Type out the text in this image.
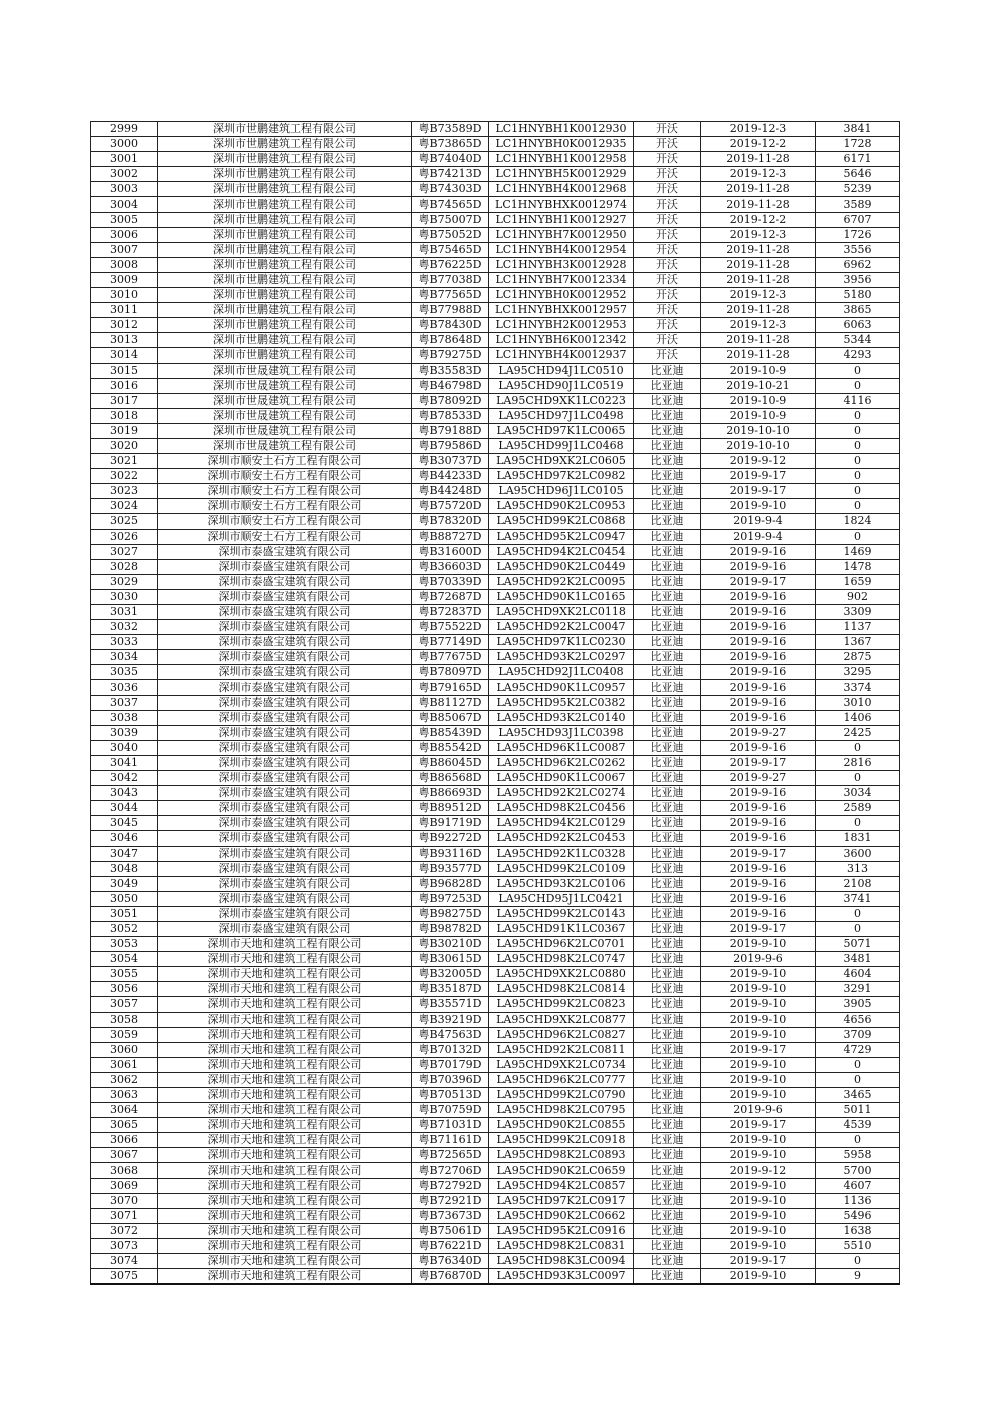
2999	深圳市世鹏建筑工程有限公司	粤B73589D	LC1HNYBH1K0012930	开沃	2019-12-3	3841
3000	深圳市世鹏建筑工程有限公司	粤B73865D	LC1HNYBH0K0012935	开沃	2019-12-2	1728
3001	深圳市世鹏建筑工程有限公司	粤B74040D	LC1HNYBH1K0012958	开沃	2019-11-28	6171
3002	深圳市世鹏建筑工程有限公司	粤B74213D	LC1HNYBH5K0012929	开沃	2019-12-3	5646
3003	深圳市世鹏建筑工程有限公司	粤B74303D	LC1HNYBH4K0012968	开沃	2019-11-28	5239
3004	深圳市世鹏建筑工程有限公司	粤B74565D	LC1HNYBHXK0012974	开沃	2019-11-28	3589
3005	深圳市世鹏建筑工程有限公司	粤B75007D	LC1HNYBH1K0012927	开沃	2019-12-2	6707
3006	深圳市世鹏建筑工程有限公司	粤B75052D	LC1HNYBH7K0012950	开沃	2019-12-3	1726
3007	深圳市世鹏建筑工程有限公司	粤B75465D	LC1HNYBH4K0012954	开沃	2019-11-28	3556
3008	深圳市世鹏建筑工程有限公司	粤B76225D	LC1HNYBH3K0012928	开沃	2019-11-28	6962
3009	深圳市世鹏建筑工程有限公司	粤B77038D	LC1HNYBH7K0012334	开沃	2019-11-28	3956
3010	深圳市世鹏建筑工程有限公司	粤B77565D	LC1HNYBH0K0012952	开沃	2019-12-3	5180
3011	深圳市世鹏建筑工程有限公司	粤B77988D	LC1HNYBHXK0012957	开沃	2019-11-28	3865
3012	深圳市世鹏建筑工程有限公司	粤B78430D	LC1HNYBH2K0012953	开沃	2019-12-3	6063
3013	深圳市世鹏建筑工程有限公司	粤B78648D	LC1HNYBH6K0012342	开沃	2019-11-28	5344
3014	深圳市世鹏建筑工程有限公司	粤B79275D	LC1HNYBH4K0012937	开沃	2019-11-28	4293
3015	深圳市世晟建筑工程有限公司	粤B35583D	LA95CHD94J1LC0510	比亚迪	2019-10-9	0
3016	深圳市世晟建筑工程有限公司	粤B46798D	LA95CHD90J1LC0519	比亚迪	2019-10-21	0
3017	深圳市世晟建筑工程有限公司	粤B78092D	LA95CHD9XK1LC0223	比亚迪	2019-10-9	4116
3018	深圳市世晟建筑工程有限公司	粤B78533D	LA95CHD97J1LC0498	比亚迪	2019-10-9	0
3019	深圳市世晟建筑工程有限公司	粤B79188D	LA95CHD97K1LC0065	比亚迪	2019-10-10	0
3020	深圳市世晟建筑工程有限公司	粤B79586D	LA95CHD99J1LC0468	比亚迪	2019-10-10	0
3021	深圳市顺安土石方工程有限公司	粤B30737D	LA95CHD9XK2LC0605	比亚迪	2019-9-12	0
3022	深圳市顺安土石方工程有限公司	粤B44233D	LA95CHD97K2LC0982	比亚迪	2019-9-17	0
3023	深圳市顺安土石方工程有限公司	粤B44248D	LA95CHD96J1LC0105	比亚迪	2019-9-17	0
3024	深圳市顺安土石方工程有限公司	粤B75720D	LA95CHD90K2LC0953	比亚迪	2019-9-10	0
3025	深圳市顺安土石方工程有限公司	粤B78320D	LA95CHD99K2LC0868	比亚迪	2019-9-4	1824
3026	深圳市顺安土石方工程有限公司	粤B88727D	LA95CHD95K2LC0947	比亚迪	2019-9-4	0
3027	深圳市泰盛宝建筑有限公司	粤B31600D	LA95CHD94K2LC0454	比亚迪	2019-9-16	1469
3028	深圳市泰盛宝建筑有限公司	粤B36603D	LA95CHD90K2LC0449	比亚迪	2019-9-16	1478
3029	深圳市泰盛宝建筑有限公司	粤B70339D	LA95CHD92K2LC0095	比亚迪	2019-9-17	1659
3030	深圳市泰盛宝建筑有限公司	粤B72687D	LA95CHD90K1LC0165	比亚迪	2019-9-16	902
3031	深圳市泰盛宝建筑有限公司	粤B72837D	LA95CHD9XK2LC0118	比亚迪	2019-9-16	3309
3032	深圳市泰盛宝建筑有限公司	粤B75522D	LA95CHD92K2LC0047	比亚迪	2019-9-16	1137
3033	深圳市泰盛宝建筑有限公司	粤B77149D	LA95CHD97K1LC0230	比亚迪	2019-9-16	1367
3034	深圳市泰盛宝建筑有限公司	粤B77675D	LA95CHD93K2LC0297	比亚迪	2019-9-16	2875
3035	深圳市泰盛宝建筑有限公司	粤B78097D	LA95CHD92J1LC0408	比亚迪	2019-9-16	3295
3036	深圳市泰盛宝建筑有限公司	粤B79165D	LA95CHD90K1LC0957	比亚迪	2019-9-16	3374
3037	深圳市泰盛宝建筑有限公司	粤B81127D	LA95CHD95K2LC0382	比亚迪	2019-9-16	3010
3038	深圳市泰盛宝建筑有限公司	粤B85067D	LA95CHD93K2LC0140	比亚迪	2019-9-16	1406
3039	深圳市泰盛宝建筑有限公司	粤B85439D	LA95CHD93J1LC0398	比亚迪	2019-9-27	2425
3040	深圳市泰盛宝建筑有限公司	粤B85542D	LA95CHD96K1LC0087	比亚迪	2019-9-16	0
3041	深圳市泰盛宝建筑有限公司	粤B86045D	LA95CHD96K2LC0262	比亚迪	2019-9-17	2816
3042	深圳市泰盛宝建筑有限公司	粤B86568D	LA95CHD90K1LC0067	比亚迪	2019-9-27	0
3043	深圳市泰盛宝建筑有限公司	粤B86693D	LA95CHD92K2LC0274	比亚迪	2019-9-16	3034
3044	深圳市泰盛宝建筑有限公司	粤B89512D	LA95CHD98K2LC0456	比亚迪	2019-9-16	2589
3045	深圳市泰盛宝建筑有限公司	粤B91719D	LA95CHD94K2LC0129	比亚迪	2019-9-16	0
3046	深圳市泰盛宝建筑有限公司	粤B92272D	LA95CHD92K2LC0453	比亚迪	2019-9-16	1831
3047	深圳市泰盛宝建筑有限公司	粤B93116D	LA95CHD92K1LC0328	比亚迪	2019-9-17	3600
3048	深圳市泰盛宝建筑有限公司	粤B93577D	LA95CHD99K2LC0109	比亚迪	2019-9-16	313
3049	深圳市泰盛宝建筑有限公司	粤B96828D	LA95CHD93K2LC0106	比亚迪	2019-9-16	2108
3050	深圳市泰盛宝建筑有限公司	粤B97253D	LA95CHD95J1LC0421	比亚迪	2019-9-16	3741
3051	深圳市泰盛宝建筑有限公司	粤B98275D	LA95CHD99K2LC0143	比亚迪	2019-9-16	0
3052	深圳市泰盛宝建筑有限公司	粤B98782D	LA95CHD91K1LC0367	比亚迪	2019-9-17	0
3053	深圳市天地和建筑工程有限公司	粤B30210D	LA95CHD96K2LC0701	比亚迪	2019-9-10	5071
3054	深圳市天地和建筑工程有限公司	粤B30615D	LA95CHD98K2LC0747	比亚迪	2019-9-6	3481
3055	深圳市天地和建筑工程有限公司	粤B32005D	LA95CHD9XK2LC0880	比亚迪	2019-9-10	4604
3056	深圳市天地和建筑工程有限公司	粤B35187D	LA95CHD98K2LC0814	比亚迪	2019-9-10	3291
3057	深圳市天地和建筑工程有限公司	粤B35571D	LA95CHD99K2LC0823	比亚迪	2019-9-10	3905
3058	深圳市天地和建筑工程有限公司	粤B39219D	LA95CHD9XK2LC0877	比亚迪	2019-9-10	4656
3059	深圳市天地和建筑工程有限公司	粤B47563D	LA95CHD96K2LC0827	比亚迪	2019-9-10	3709
3060	深圳市天地和建筑工程有限公司	粤B70132D	LA95CHD92K2LC0811	比亚迪	2019-9-17	4729
3061	深圳市天地和建筑工程有限公司	粤B70179D	LA95CHD9XK2LC0734	比亚迪	2019-9-10	0
3062	深圳市天地和建筑工程有限公司	粤B70396D	LA95CHD96K2LC0777	比亚迪	2019-9-10	0
3063	深圳市天地和建筑工程有限公司	粤B70513D	LA95CHD99K2LC0790	比亚迪	2019-9-10	3465
3064	深圳市天地和建筑工程有限公司	粤B70759D	LA95CHD98K2LC0795	比亚迪	2019-9-6	5011
3065	深圳市天地和建筑工程有限公司	粤B71031D	LA95CHD90K2LC0855	比亚迪	2019-9-17	4539
3066	深圳市天地和建筑工程有限公司	粤B71161D	LA95CHD99K2LC0918	比亚迪	2019-9-10	0
3067	深圳市天地和建筑工程有限公司	粤B72565D	LA95CHD98K2LC0893	比亚迪	2019-9-10	5958
3068	深圳市天地和建筑工程有限公司	粤B72706D	LA95CHD90K2LC0659	比亚迪	2019-9-12	5700
3069	深圳市天地和建筑工程有限公司	粤B72792D	LA95CHD94K2LC0857	比亚迪	2019-9-10	4607
3070	深圳市天地和建筑工程有限公司	粤B72921D	LA95CHD97K2LC0917	比亚迪	2019-9-10	1136
3071	深圳市天地和建筑工程有限公司	粤B73673D	LA95CHD90K2LC0662	比亚迪	2019-9-10	5496
3072	深圳市天地和建筑工程有限公司	粤B75061D	LA95CHD95K2LC0916	比亚迪	2019-9-10	1638
3073	深圳市天地和建筑工程有限公司	粤B76221D	LA95CHD98K2LC0831	比亚迪	2019-9-10	5510
3074	深圳市天地和建筑工程有限公司	粤B76340D	LA95CHD98K3LC0094	比亚迪	2019-9-17	0
3075	深圳市天地和建筑工程有限公司	粤B76870D	LA95CHD93K3LC0097	比亚迪	2019-9-10	9
